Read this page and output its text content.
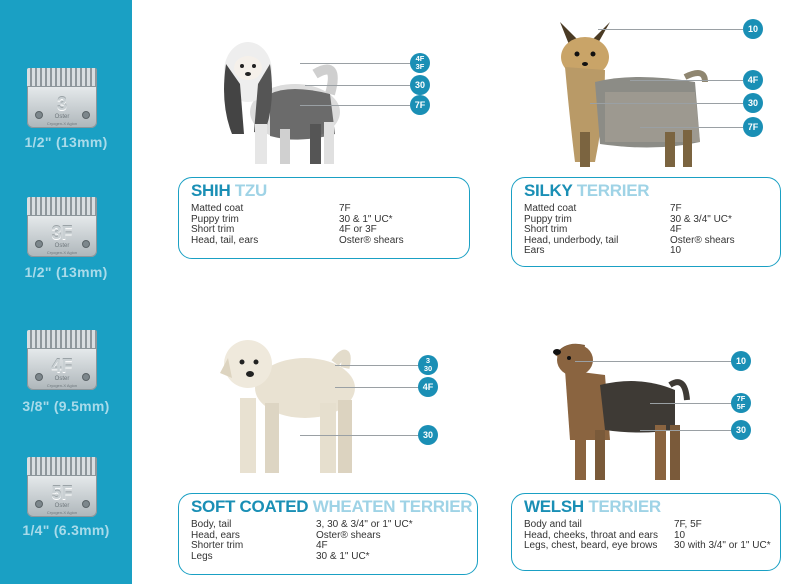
3
Oster
Cryogen-X Agion
1/2" (13mm)
3F
Oster
Cryogen-X Agion
1/2" (13mm)
4F
Oster
Cryogen-X Agion
3/8" (9.5mm)
5F
Oster
Cryogen-X Agion
1/4" (6.3mm)
4F
3F
30
7F
SHIH TZU
Matted coat	7F
Puppy trim	30 & 1" UC*
Short trim	4F or 3F
Head, tail, ears	Oster® shears
10
4F
30
7F
SILKY TERRIER
Matted coat	7F
Puppy trim	30 & 3/4" UC*
Short trim	4F
Head, underbody, tail	Oster® shears
Ears	10
3
30
4F
30
SOFT COATED WHEATEN TERRIER
Body, tail	3, 30 & 3/4" or 1" UC*
Head, ears	Oster® shears
Shorter trim	4F
Legs	30 & 1" UC*
10
7F
5F
30
WELSH TERRIER
Body and tail	7F, 5F
Head, cheeks, throat and ears 10
Legs, chest, beard, eye brows 30 with 3/4" or 1" UC*
